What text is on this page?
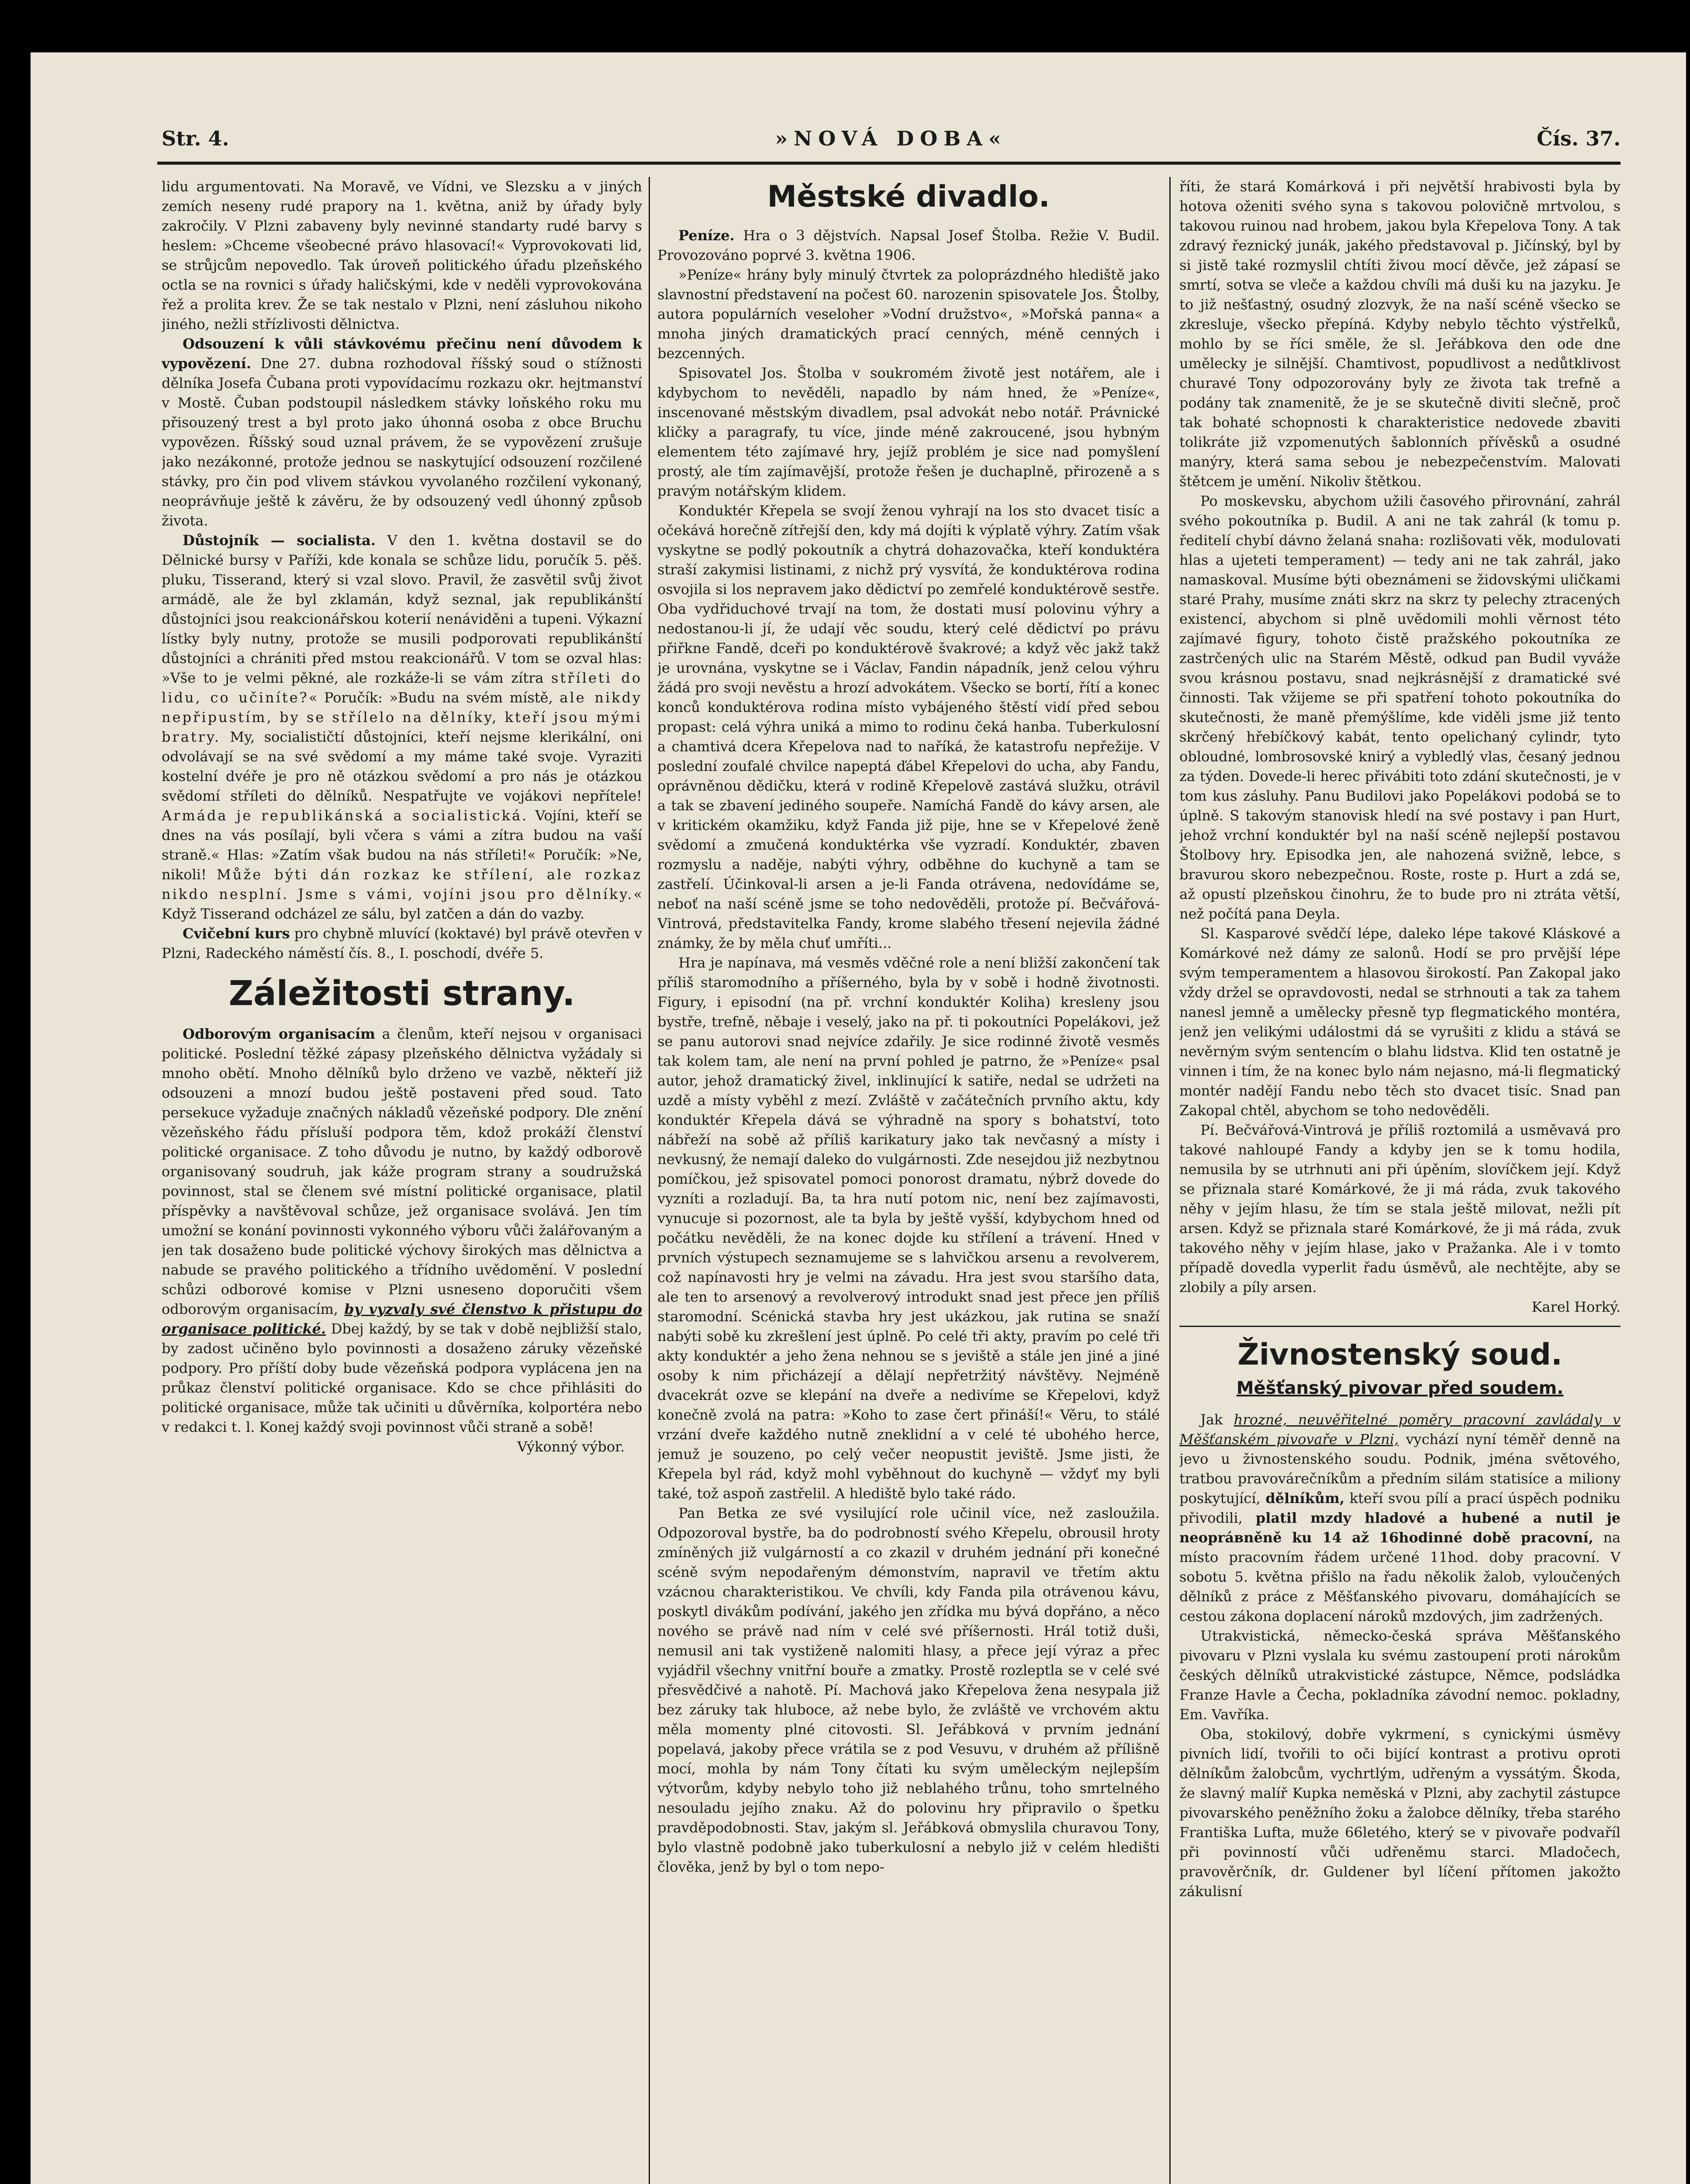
Str. 4.	»NOVÁ DOBA«	Čís. 37.

lidu argumentovati. Na Moravě, ve Vídni, ve Slezsku a v jiných zemích neseny rudé prapory na 1. května, aniž by úřady byly zakročily. V Plzni zabaveny byly nevinné standarty rudé barvy s heslem: »Chceme všeobecné právo hlasovací!« Vyprovokovati lid, se strůjcům nepovedlo. Tak úroveň politického úřadu plzeňského octla se na rovnici s úřady haličskými, kde v neděli vyprovokována řež a prolita krev. Že se tak nestalo v Plzni, není zásluhou nikoho jiného, nežli střízlivosti dělnictva.

Odsouzení k vůli stávkovému přečinu není důvodem k vypovězení. Dne 27. dubna rozhodoval říšský soud o stížnosti dělníka Josefa Čubana proti vypovídacímu rozkazu okr. hejtmanství v Mostě. Čuban podstoupil následkem stávky loňského roku mu přisouzený trest a byl proto jako úhonná osoba z obce Bruchu vypovězen. Říšský soud uznal právem, že se vypovězení zrušuje jako nezákonné, protože jednou se naskytující odsouzení rozčilené stávky, pro čin pod vlivem stávkou vyvolaného rozčilení vykonaný, neoprávňuje ještě k závěru, že by odsouzený vedl úhonný způsob života.

Důstojník — socialista. V den 1. května dostavil se do Dělnické bursy v Paříži, kde konala se schůze lidu, poručík 5. pěš. pluku, Tisserand, který si vzal slovo. Pravil, že zasvětil svůj život armádě, ale že byl zklamán, když seznal, jak republikánští důstojníci jsou reakcionářskou koterií nenáviděni a tupeni. Výkazní lístky byly nutny, protože se musili podporovati republikánští důstojníci a chrániti před mstou reakcionářů. V tom se ozval hlas: »Vše to je velmi pěkné, ale rozkáže-li se vám zítra stříleti do lidu, co učiníte?« Poručík: »Budu na svém místě, ale nikdy nepřipustím, by se střílelo na dělníky, kteří jsou mými bratry. My, socialističtí důstojníci, kteří nejsme klerikální, oni odvolávají se na své svědomí a my máme také svoje. Vyraziti kostelní dvéře je pro ně otázkou svědomí a pro nás je otázkou svědomí stříleti do dělníků. Nespatřujte ve vojákovi nepřítele! Armáda je republikánská a socialistická. Vojíni, kteří se dnes na vás posílají, byli včera s vámi a zítra budou na vaší straně.« Hlas: »Zatím však budou na nás stříleti!« Poručík: »Ne, nikoli! Může býti dán rozkaz ke střílení, ale rozkaz nikdo nesplní. Jsme s vámi, vojíni jsou pro dělníky.« Když Tisserand odcházel ze sálu, byl zatčen a dán do vazby.

Cvičební kurs pro chybně mluvící (koktavé) byl právě otevřen v Plzni, Radeckého náměstí čís. 8., I. poschodí, dvéře 5.

Záležitosti strany.

Odborovým organisacím a členům, kteří nejsou v organisaci politické. Poslední těžké zápasy plzeňského dělnictva vyžádaly si mnoho obětí. Mnoho dělníků bylo drženo ve vazbě, někteří již odsouzeni a mnozí budou ještě postaveni před soud. Tato persekuce vyžaduje značných nákladů vězeňské podpory. Dle znění vězeňského řádu přísluší podpora těm, kdož prokáží členství politické organisace. Z toho důvodu je nutno, by každý odborově organisovaný soudruh, jak káže program strany a soudružská povinnost, stal se členem své místní politické organisace, platil příspěvky a navštěvoval schůze, jež organisace svolává. Jen tím umožní se konání povinnosti vykonného výboru vůči žalářovaným a jen tak dosaženo bude politické výchovy širokých mas dělnictva a nabude se pravého politického a třídního uvědomění. V poslední schůzi odborové komise v Plzni usneseno doporučiti všem odborovým organisacím, by vyzvaly své členstvo k přistupu do organisace politické. Dbej každý, by se tak v době nejbližší stalo, by zadost učiněno bylo povinnosti a dosaženo záruky vězeňské podpory. Pro příští doby bude vězeňská podpora vyplácena jen na průkaz členství politické organisace. Kdo se chce přihlásiti do politické organisace, může tak učiniti u důvěrníka, kolportéra nebo v redakci t. l. Konej každý svoji povinnost vůči straně a sobě!

Výkonný výbor.

Městské divadlo.

Peníze. Hra o 3 dějstvích. Napsal Josef Štolba. Režie V. Budil. Provozováno poprvé 3. května 1906.

»Peníze« hrány byly minulý čtvrtek za poloprázdného hlediště jako slavnostní představení na počest 60. narozenin spisovatele Jos. Štolby, autora populárních veseloher »Vodní družstvo«, »Mořská panna« a mnoha jiných dramatických prací cenných, méně cenných i bezcenných.

Spisovatel Jos. Štolba v soukromém životě jest notářem, ale i kdybychom to nevěděli, napadlo by nám hned, že »Peníze«, inscenované městským divadlem, psal advokát nebo notář. Právnické kličky a paragrafy, tu více, jinde méně zakroucené, jsou hybným elementem této zajímavé hry, jejíž problém je sice nad pomyšlení prostý, ale tím zajímavější, protože řešen je duchaplně, přirozeně a s pravým notářským klidem.

Konduktér Křepela se svojí ženou vyhrají na los sto dvacet tisíc a očekává horečně zítřejší den, kdy má dojíti k výplatě výhry. Zatím však vyskytne se podlý pokoutník a chytrá dohazovačka, kteří konduktéra straší zakymisi listinami, z nichž prý vysvítá, že konduktérova rodina osvojila si los nepravem jako dědictví po zemřelé konduktérově sestře. Oba vydřiduchové trvají na tom, že dostati musí polovinu výhry a nedostanou-li jí, že udají věc soudu, který celé dědictví po právu přiřkne Fandě, dceři po konduktérově švakrové; a když věc jakž takž je urovnána, vyskytne se i Václav, Fandin nápadník, jenž celou výhru žádá pro svoji nevěstu a hrozí advokátem. Všecko se bortí, řítí a konec konců konduktérova rodina místo vybájeného štěstí vidí před sebou propast: celá výhra uniká a mimo to rodinu čeká hanba. Tuberkulosní a chamtivá dcera Křepelova nad to naříká, že katastrofu nepřežije. V poslední zoufalé chvilce napeptá ďábel Křepelovi do ucha, aby Fandu, oprávněnou dědičku, která v rodině Křepelově zastává služku, otrávil a tak se zbavení jediného soupeře. Namíchá Fandě do kávy arsen, ale v kritickém okamžiku, když Fanda již pije, hne se v Křepelové ženě svědomí a zmučená konduktérka vše vyzradí. Konduktér, zbaven rozmyslu a naděje, nabýti výhry, odběhne do kuchyně a tam se zastřelí. Účinkoval-li arsen a je-li Fanda otrávena, nedovídáme se, neboť na naší scéně jsme se toho nedověděli, protože pí. Bečvářová-Vintrová, představitelka Fandy, krome slabého třesení nejevila žádné známky, že by měla chuť umříti...

Hra je napínava, má vesměs vděčné role a není bližší zakončení tak příliš staromodního a příšerného, byla by v sobě i hodně životnosti. Figury, i episodní (na př. vrchní konduktér Koliha) kresleny jsou bystře, trefně, něbaje i veselý, jako na př. ti pokoutníci Popelákovi, jež se panu autorovi snad nejvíce zdařily. Je sice rodinné životě vesměs tak kolem tam, ale není na první pohled je patrno, že »Peníze« psal autor, jehož dramatický živel, inklinující k satiře, nedal se udržeti na uzdě a místy vyběhl z mezí. Zvláště v začátečních prvního aktu, kdy konduktér Křepela dává se výhradně na spory s bohatství, toto nábřeží na sobě až příliš karikatury jako tak nevčasný a místy i nevkusný, že nemají daleko do vulgárnosti. Zde nesejdou již nezbytnou pomíčkou, jež spisovatel pomoci ponorost dramatu, nýbrž dovede do vyzníti a rozladují. Ba, ta hra nutí potom nic, není bez zajímavosti, vynucuje si pozornost, ale ta byla by ještě vyšší, kdybychom hned od počátku nevěděli, že na konec dojde ku střílení a trávení. Hned v prvních výstupech seznamujeme se s lahvičkou arsenu a revolverem, což napínavosti hry je velmi na závadu. Hra jest svou staršího data, ale ten to arsenový a revolverový introdukt snad jest přece jen příliš staromodní. Scénická stavba hry jest ukázkou, jak rutina se snaží nabýti sobě ku zkrešlení jest úplně. Po celé tři akty, pravím po celé tři akty konduktér a jeho žena nehnou se s jeviště a stále jen jiné a jiné osoby k nim přicházejí a dělají nepřetržitý návštěvy. Nejméně dvacekrát ozve se klepání na dveře a nedivíme se Křepelovi, když konečně zvolá na patra: »Koho to zase čert přináší!« Věru, to stálé vrzání dveře každého nutně zneklidní a v celé té ubohého herce, jemuž je souzeno, po celý večer neopustit jeviště. Jsme jisti, že Křepela byl rád, když mohl vyběhnout do kuchyně — vždyť my byli také, tož aspoň zastřelil. A hlediště bylo také rádo.

Pan Betka ze své vysilující role učinil více, než zasloužila. Odpozoroval bystře, ba do podrobností svého Křepelu, obrousil hroty zmíněných již vulgárností a co zkazil v druhém jednání při konečné scéně svým nepodařeným démonstvím, napravil ve třetím aktu vzácnou charakteristikou. Ve chvíli, kdy Fanda pila otrávenou kávu, poskytl divákům podívání, jakého jen zřídka mu bývá dopřáno, a něco nového se právě nad ním v celé své příšernosti. Hrál totiž duši, nemusil ani tak vystiženě nalomiti hlasy, a přece její výraz a přec vyjádřil všechny vnitřní bouře a zmatky. Prostě rozleptla se v celé své přesvědčivé a nahotě. Pí. Machová jako Křepelova žena nesypala již bez záruky tak hluboce, až nebe bylo, že zvláště ve vrchovém aktu měla momenty plné citovosti. Sl. Jeřábková v prvním jednání popelavá, jakoby přece vrátila se z pod Vesuvu, v druhém až přílišně mocí, mohla by nám Tony čítati ku svým uměleckým nejlepším výtvorům, kdyby nebylo toho již neblahého trůnu, toho smrtelného nesouladu jejího znaku. Až do polovinu hry připravilo o špetku pravděpodobnosti. Stav, jakým sl. Jeřábková obmyslila churavou Tony, bylo vlastně podobně jako tuberkulosní a nebylo již v celém hledišti člověka, jenž by byl o tom nepo-

říti, že stará Komárková i při největší hrabivosti byla by hotova oženiti svého syna s takovou polovičně mrtvolou, s takovou ruinou nad hrobem, jakou byla Křepelova Tony. A tak zdravý řeznický junák, jakého představoval p. Jičínský, byl by si jistě také rozmyslil chtíti živou mocí děvče, jež zápasí se smrtí, sotva se vleče a každou chvíli má duši ku na jazyku. Je to již nešťastný, osudný zlozvyk, že na naší scéně všecko se zkresluje, všecko přepíná. Kdyby nebylo těchto výstřelků, mohlo by se říci směle, že sl. Jeřábkova den ode dne uměleckу je silnější. Chamtivost, popudlivost a nedůtklivost churavé Tony odpozorovány byly ze života tak trefně a podány tak znamenitě, že je se skutečně diviti slečně, proč tak bohaté schopnosti k charakteristice nedovede zbaviti tolikráte již vzpomenutých šablonních přívěsků a osudné manýry, která sama sebou je nebezpečenstvím. Malovati štětcem je umění. Nikoliv štětkou.

Po moskevsku, abychom užili časového přirovnání, zahrál svého pokoutníka p. Budil. A ani ne tak zahrál (k tomu p. ředitelí chybí dávno želaná snaha: rozlišovati věk, modulovati hlas a ujeteti temperament) — tedy ani ne tak zahrál, jako namaskoval. Musíme býti obeznámeni se židovskými uličkami staré Prahy, musíme znáti skrz na skrz ty pelechy ztracených existencí, abychom si plně uvědomili mohli věrnost této zajímavé figury, tohoto čistě pražského pokoutníka ze zastrčených ulic na Starém Městě, odkud pan Budil vyváže svou krásnou postavu, snad nejkrásnější z dramatické své činnosti. Tak vžijeme se při spatření tohoto pokoutníka do skutečnosti, že maně přemýšlíme, kde viděli jsme již tento skrčený hřebíčkový kabát, tento opelichaný cylindr, tyto obloudné, lombrosovské knirý a vybledlý vlas, česaný jednou za týden. Dovede-li herec přivábiti toto zdání skutečnosti, je v tom kus zásluhy. Panu Budilovi jako Popelákovi podobá se to úplně. S takovým stanovisk hledí na své postavy i pan Hurt, jehož vrchní konduktér byl na naší scéně nejlepší postavou Štolbovy hry. Episodka jen, ale nahozená svižně, lebce, s bravurou skoro nebezpečnou. Roste, roste p. Hurt a zdá se, až opustí plzeňskou činohru, že to bude pro ni ztráta větší, než počítá pana Deyla.

Sl. Kasparové svědčí lépe, daleko lépe takové Kláskové a Komárkové než dámy ze salonů. Hodí se pro prvější lépe svým temperamentem a hlasovou širokostí. Pan Zakopal jako vždy držel se opravdovosti, nedal se strhnouti a tak za tahem nanesl jemně a umělecky přesně typ flegmatického montéra, jenž jen velikými událostmi dá se vyrušiti z klidu a stává se nevěrným svým sentencím o blahu lidstva. Klid ten ostatně je vinnen i tím, že na konec bylo nám nejasno, má-li flegmatický montér nadějí Fandu nebo těch sto dvacet tisíc. Snad pan Zakopal chtěl, abychom se toho nedověděli.

Pí. Bečvářová-Vintrová je příliš roztomilá a usměvavá pro takové nahloupé Fandy a kdyby jen se k tomu hodila, nemusila by se utrhnuti ani při úpěním, slovíčkem její. Když se přiznala staré Komárkové, že ji má ráda, zvuk takového něhy v jejím hlasu, že tím se stala ještě milovat, nežli pít arsen. Když se přiznala staré Komárkové, že ji má ráda, zvuk takového něhy v jejím hlase, jako v Pražanka. Ale i v tomto případě dovedla vyperlit řadu úsměvů, ale nechtějte, aby se zlobily a píly arsen.

Karel Horký.

Živnostenský soud.
Měšťanský pivovar před soudem.

Jak hrozné, neuvěřitelné poměry pracovní zavládaly v Měšťanském pivovaře v Plzni, vychází nyní téměř denně na jevo u živnostenského soudu. Podnik, jména světového, tratbou pravovárečníkům a předním silám statisíce a miliony poskytující, dělníkům, kteří svou pílí a prací úspěch podniku přivodili, platil mzdy hladové a hubené a nutil je neopráвněně ku 14 až 16hodinné době pracovní, na místo pracovním řádem určené 11hod. doby pracovní. V sobotu 5. května přišlo na řadu několik žalob, vyloučených dělníků z práce z Měšťanského pivovaru, domáhajících se cestou zákona doplacení nároků mzdových, jim zadržených.

Utrakvistická, německo-česká správa Měšťanského pivovaru v Plzni vyslala ku svému zastoupení proti nárokům českých dělníků utrakvistické zástupce, Němce, podsládka Franze Havle a Čecha, pokladníka závodní nemoc. pokladny, Em. Vavříka.

Oba, stokilový, dobře vykrmení, s cynickými úsměvy pivních lidí, tvořili to oči bijící kontrast a protivu oproti dělníkům žalobcům, vychrtlým, udřeným a vyssátým. Škoda, že slavný malíř Kupka neměská v Plzni, aby zachytil zástupce pivovarského peněžního žoku a žalobce dělníky, třeba starého Františka Lufta, muže 66letého, který se v pivovaře podvaříl při povinností vůči udřeněmu starci. Mladočech, pravověrčník, dr. Guldener byl líčení přítomen jakožto zákulisní
